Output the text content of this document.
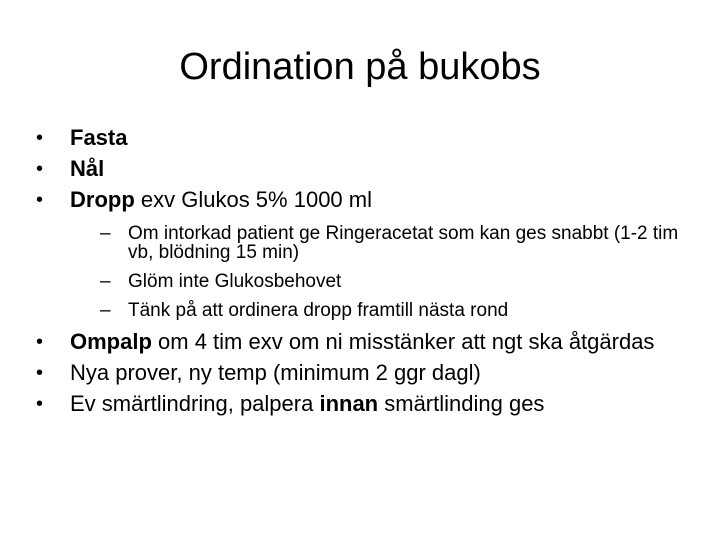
Ordination på bukobs
•	Fasta
•	Nål
•	Dropp exv Glukos 5% 1000 ml
– Om intorkad patient ge Ringeracetat som kan ges snabbt (1-2 tim vb, blödning 15 min)
– Glöm inte Glukosbehovet
– Tänk på att ordinera dropp framtill nästa rond
•	Ompalp om 4 tim exv om ni misstänker att ngt ska åtgärdas
•	Nya prover, ny temp (minimum 2 ggr dagl)
•	Ev smärtlindring, palpera innan smärtlinding ges
